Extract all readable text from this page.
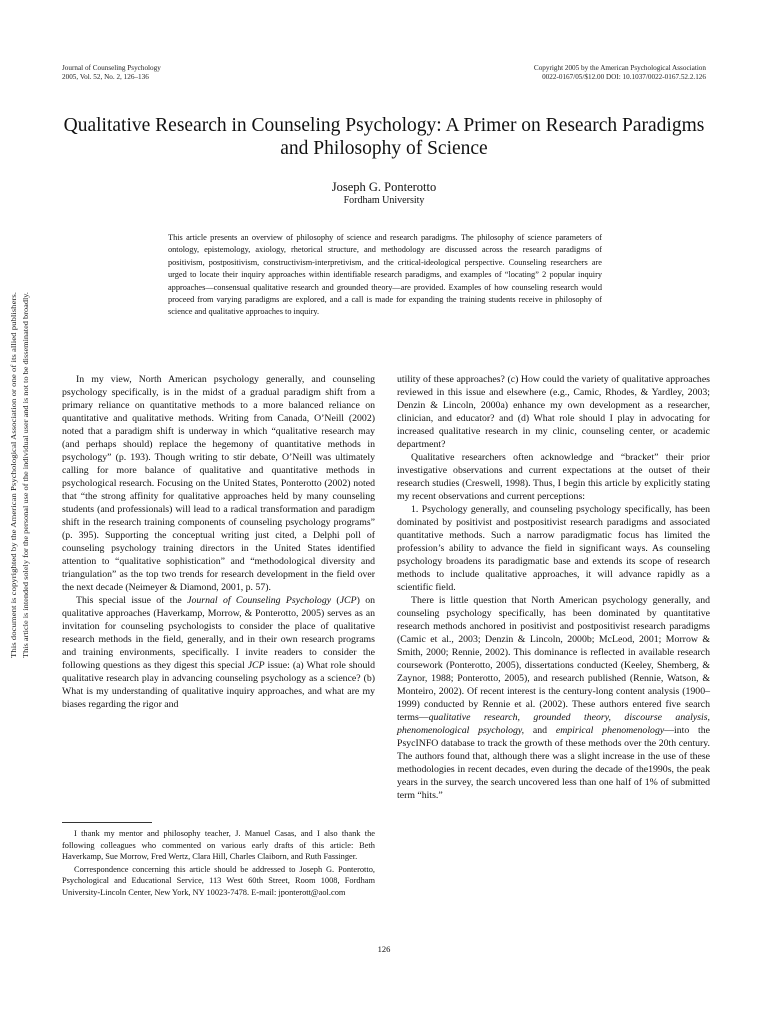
Journal of Counseling Psychology
2005, Vol. 52, No. 2, 126–136
Copyright 2005 by the American Psychological Association
0022-0167/05/$12.00 DOI: 10.1037/0022-0167.52.2.126
Qualitative Research in Counseling Psychology: A Primer on Research Paradigms and Philosophy of Science
Joseph G. Ponterotto
Fordham University

This article presents an overview of philosophy of science and research paradigms. The philosophy of science parameters of ontology, epistemology, axiology, rhetorical structure, and methodology are discussed across the research paradigms of positivism, postpositivism, constructivism-interpretivism, and the critical-ideological perspective. Counseling researchers are urged to locate their inquiry approaches within identifiable research paradigms, and examples of “locating” 2 popular inquiry approaches—consensual qualitative research and grounded theory—are provided. Examples of how counseling research would proceed from varying paradigms are explored, and a call is made for expanding the training students receive in philosophy of science and qualitative approaches to inquiry.

This document is copyrighted by the American Psychological Association or one of its allied publishers. This article is intended solely for the personal use of the individual user and is not to be disseminated broadly.	In my view, North American psychology generally, and counseling psychology specifically, is in the midst of a gradual paradigm shift from a primary reliance on quantitative methods to a more balanced reliance on quantitative and qualitative methods. Writing from Canada, O’Neill (2002) noted that a paradigm shift is underway in which “qualitative research may (and perhaps should) replace the hegemony of quantitative methods in psychology” (p. 193). Though writing to stir debate, O’Neill was ultimately calling for more balance of qualitative and quantitative methods in psychological research. Focusing on the United States, Ponterotto (2002) noted that “the strong affinity for qualitative approaches held by many counseling students (and professionals) will lead to a radical transformation and paradigm shift in the research training components of counseling psychology programs” (p. 395). Supporting the conceptual writing just cited, a Delphi poll of counseling psychology training directors in the United States identified attention to “qualitative sophistication” and “methodological diversity and triangulation” as the top two trends for research development in the field over the next decade (Neimeyer & Diamond, 2001, p. 57).

This special issue of the Journal of Counseling Psychology (JCP) on qualitative approaches (Haverkamp, Morrow, & Ponterotto, 2005) serves as an invitation for counseling psychologists to consider the place of qualitative research methods in the field, generally, and in their own research programs and training environments, specifically. I invite readers to consider the following questions as they digest this special JCP issue: (a) What role should qualitative research play in advancing counseling psychology as a science? (b) What is my understanding of qualitative inquiry approaches, and what are my biases regarding the rigor and

utility of these approaches? (c) How could the variety of qualitative approaches reviewed in this issue and elsewhere (e.g., Camic, Rhodes, & Yardley, 2003; Denzin & Lincoln, 2000a) enhance my own development as a researcher, clinician, and educator? and (d) What role should I play in advocating for increased qualitative research in my clinic, counseling center, or academic department?

Qualitative researchers often acknowledge and “bracket” their prior investigative observations and current expectations at the outset of their research studies (Creswell, 1998). Thus, I begin this article by explicitly stating my recent observations and current perceptions:

1. Psychology generally, and counseling psychology specifically, has been dominated by positivist and postpositivist research paradigms and associated quantitative methods. Such a narrow paradigmatic focus has limited the profession’s ability to advance the field in significant ways. As counseling psychology broadens its paradigmatic base and extends its scope of research methods to include qualitative approaches, it will advance rapidly as a scientific field.

There is little question that North American psychology generally, and counseling psychology specifically, has been dominated by quantitative research methods anchored in positivist and postpositivist research paradigms (Camic et al., 2003; Denzin & Lincoln, 2000b; McLeod, 2001; Morrow & Smith, 2000; Rennie, 2002). This dominance is reflected in available research coursework (Ponterotto, 2005), dissertations conducted (Keeley, Shemberg, & Zaynor, 1988; Ponterotto, 2005), and research published (Rennie, Watson, & Monteiro, 2002). Of recent interest is the century-long content analysis (1900–1999) conducted by Rennie et al. (2002). These authors entered five search terms—qualitative research, grounded theory, discourse analysis, phenomenological psychology, and empirical phenomenology—into the PsycINFO database to track the growth of these methods over the 20th century. The authors found that, although there was a slight increase in the use of these methodologies in recent decades, even during the decade of the1990s, the peak years in the survey, the search uncovered less than one half of 1% of submitted term “hits.”

I thank my mentor and philosophy teacher, J. Manuel Casas, and I also thank the following colleagues who commented on various early drafts of this article: Beth Haverkamp, Sue Morrow, Fred Wertz, Clara Hill, Charles Claiborn, and Ruth Fassinger.

Correspondence concerning this article should be addressed to Joseph G. Ponterotto, Psychological and Educational Service, 113 West 60th Street, Room 1008, Fordham University-Lincoln Center, New York, NY 10023-7478. E-mail: jponterott@aol.com

126
